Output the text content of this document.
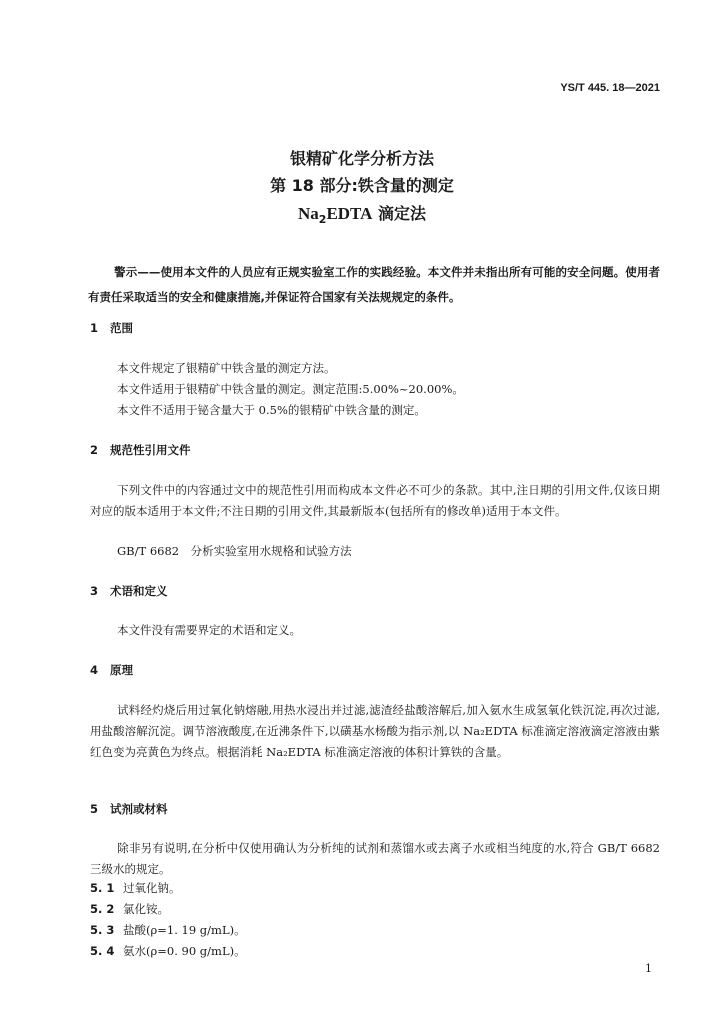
YS/T 445. 18—2021
银精矿化学分析方法
第 18 部分:铁含量的测定
$Na_2EDTA$ 滴定法
警示——使用本文件的人员应有正规实验室工作的实践经验。本文件并未指出所有可能的安全问题。使用者有责任采取适当的安全和健康措施,并保证符合国家有关法规规定的条件。
1 范围
本文件规定了银精矿中铁含量的测定方法。
本文件适用于银精矿中铁含量的测定。测定范围:5.00%~20.00%。
本文件不适用于铋含量大于 0.5%的银精矿中铁含量的测定。
2 规范性引用文件
下列文件中的内容通过文中的规范性引用而构成本文件必不可少的条款。其中,注日期的引用文件,仅该日期对应的版本适用于本文件;不注日期的引用文件,其最新版本(包括所有的修改单)适用于本文件。
GB/T 6682　分析实验室用水规格和试验方法
3 术语和定义
本文件没有需要界定的术语和定义。
4 原理
试料经灼烧后用过氧化钠熔融,用热水浸出并过滤,滤渣经盐酸溶解后,加入氨水生成氢氧化铁沉淀,再次过滤,用盐酸溶解沉淀。调节溶液酸度,在近沸条件下,以磺基水杨酸为指示剂,以 Na₂EDTA 标准滴定溶液滴定溶液由紫红色变为亮黄色为终点。根据消耗 Na₂EDTA 标准滴定溶液的体积计算铁的含量。
5 试剂或材料
除非另有说明,在分析中仅使用确认为分析纯的试剂和蒸馏水或去离子水或相当纯度的水,符合 GB/T 6682 三级水的规定。
5. 1 过氧化钠。
5. 2 氯化铵。
5. 3 盐酸(ρ=1. 19 g/mL)。
5. 4 氨水(ρ=0. 90 g/mL)。
1
